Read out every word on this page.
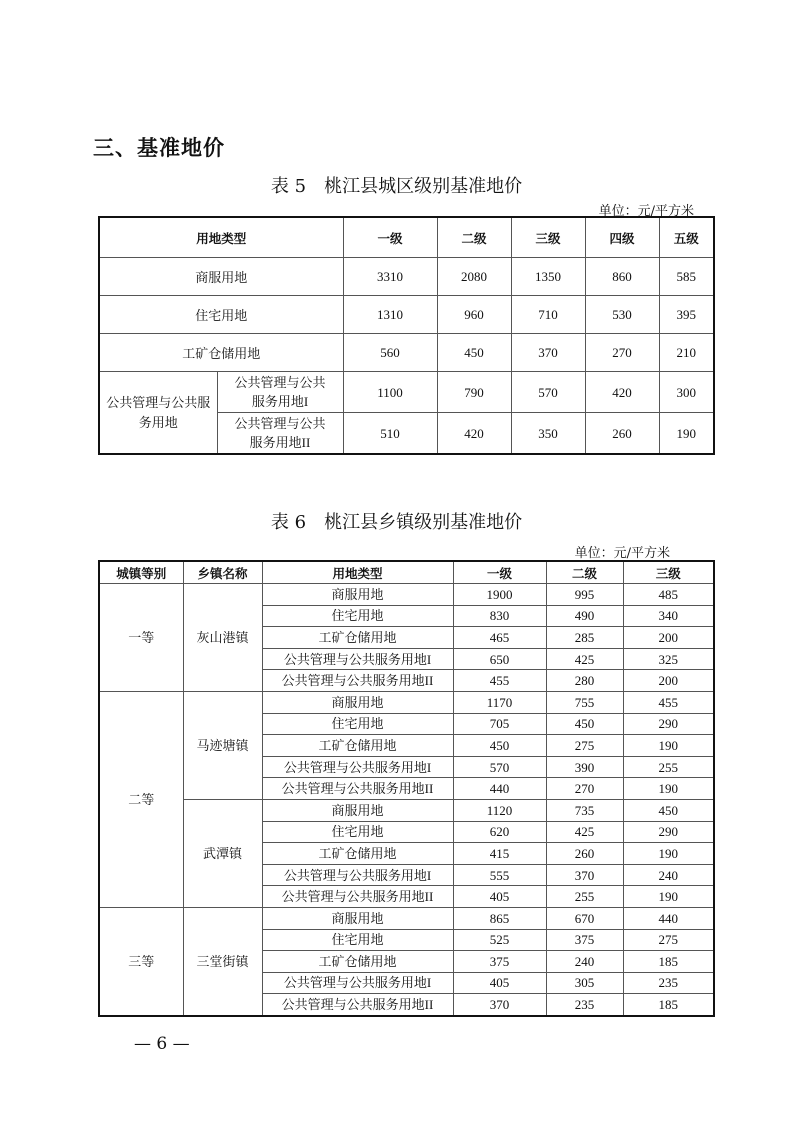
三、基准地价
表 5　桃江县城区级别基准地价
单位：元/平方米
用地类型		一级	二级	三级	四级	五级
商服用地		3310	2080	1350	860	585
住宅用地		1310	960	710	530	395
工矿仓储用地		560	450	370	270	210
公共管理与公共服务用地	公共管理与公共服务用地I	1100	790	570	420	300
	公共管理与公共服务用地II	510	420	350	260	190
表 6　桃江县乡镇级别基准地价
单位：元/平方米
城镇等别	乡镇名称	用地类型	一级	二级	三级
一等	灰山港镇	商服用地	1900	995	485
		住宅用地	830	490	340
		工矿仓储用地	465	285	200
		公共管理与公共服务用地I	650	425	325
		公共管理与公共服务用地II	455	280	200
二等	马迹塘镇	商服用地	1170	755	455
		住宅用地	705	450	290
		工矿仓储用地	450	275	190
		公共管理与公共服务用地I	570	390	255
		公共管理与公共服务用地II	440	270	190
	武潭镇	商服用地	1120	735	450
		住宅用地	620	425	290
		工矿仓储用地	415	260	190
		公共管理与公共服务用地I	555	370	240
		公共管理与公共服务用地II	405	255	190
三等	三堂街镇	商服用地	865	670	440
		住宅用地	525	375	275
		工矿仓储用地	375	240	185
		公共管理与公共服务用地I	405	305	235
		公共管理与公共服务用地II	370	235	185
— 6 —
